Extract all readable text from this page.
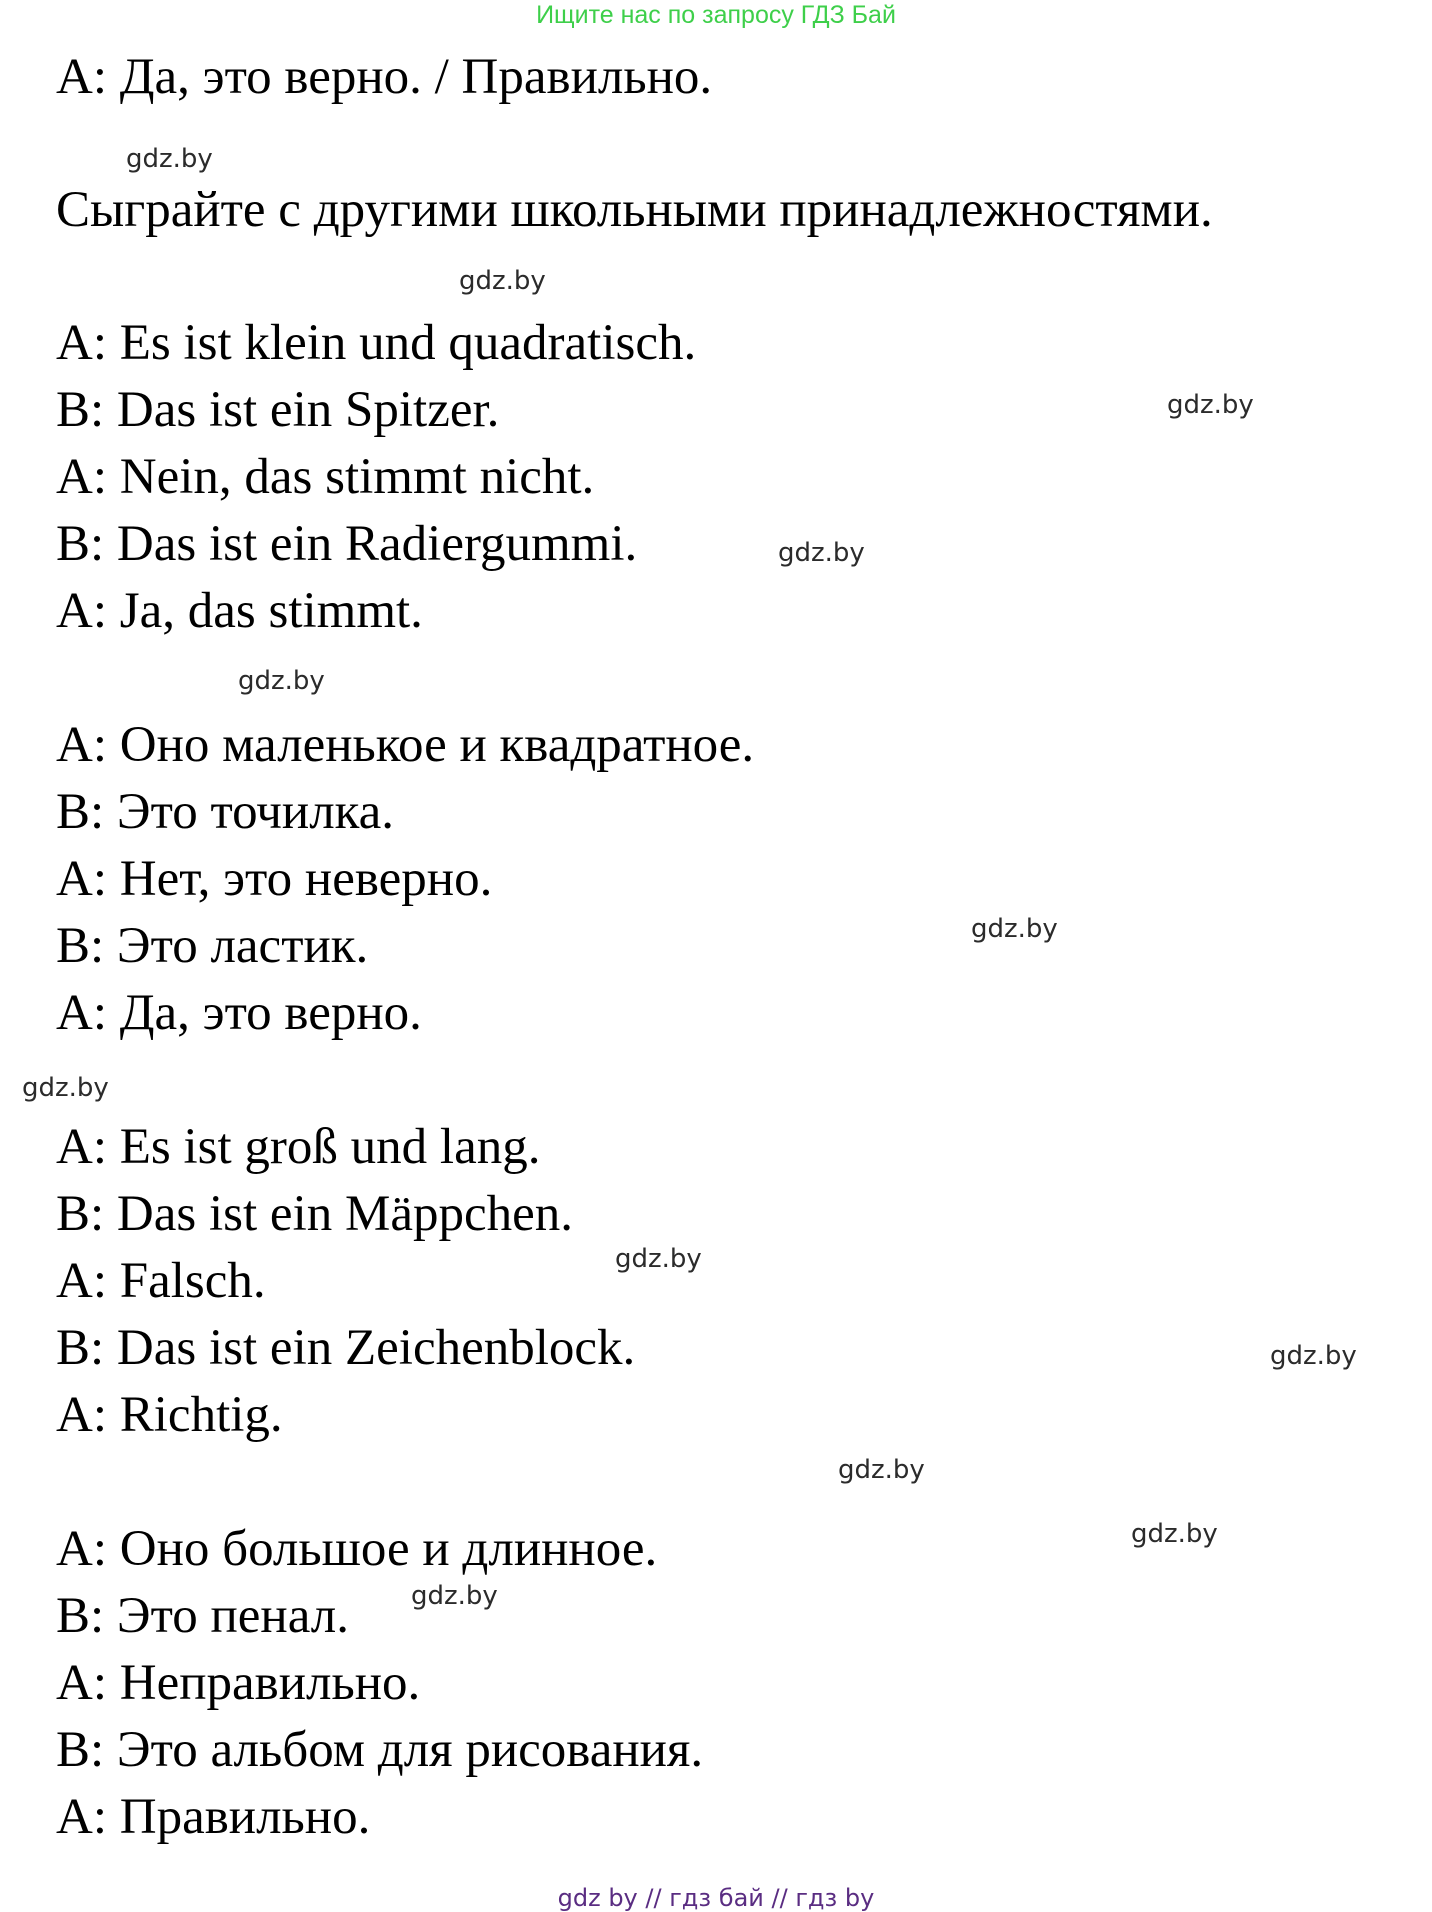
Ищите нас по запросу ГДЗ Бай
A: Да, это верно. / Правильно.
Сыграйте с другими школьными принадлежностями.
A: Es ist klein und quadratisch.
B: Das ist ein Spitzer.
A: Nein, das stimmt nicht.
B: Das ist ein Radiergummi.
A: Ja, das stimmt.
A: Оно маленькое и квадратное.
B: Это точилка.
A: Нет, это неверно.
B: Это ластик.
A: Да, это верно.
A: Es ist groß und lang.
B: Das ist ein Mäppchen.
A: Falsch.
B: Das ist ein Zeichenblock.
A: Richtig.
A: Оно большое и длинное.
B: Это пенал.
A: Неправильно.
B: Это альбом для рисования.
A: Правильно.
gdz.by
gdz.by
gdz.by
gdz.by
gdz.by
gdz.by
gdz.by
gdz.by
gdz.by
gdz.by
gdz.by
gdz.by
gdz by // гдз бай // гдз by
